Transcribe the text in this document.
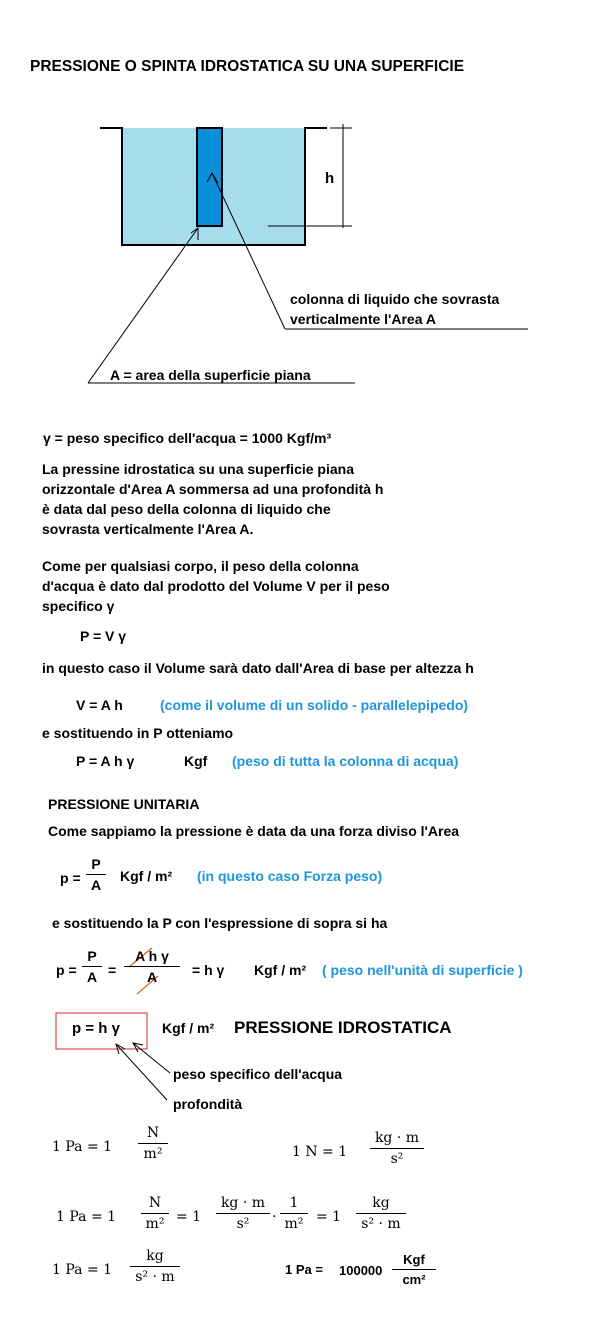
PRESSIONE O SPINTA IDROSTATICA SU UNA SUPERFICIE
h
colonna di liquido che sovrasta
verticalmente l'Area A
A = area della superficie piana
γ = peso specifico dell'acqua = 1000 Kgf/m³
La pressine idrostatica su una superficie piana
orizzontale d'Area A sommersa ad una profondità h
è data dal peso della colonna di liquido che
sovrasta verticalmente l'Area A.
Come per qualsiasi corpo, il peso della colonna
d'acqua è dato dal prodotto del Volume V per il peso
specifico γ
P = V γ
in questo caso il Volume sarà dato dall'Area di base per altezza h
V = A h	(come il volume di un solido - parallelepipedo)
e sostituendo in P otteniamo
P = A h γ	Kgf (peso di tutta la colonna di acqua)
PRESSIONE UNITARIA
Come sappiamo la pressione è data da una forza diviso l'Area
p =
P
A
Kgf / m² (in questo caso Forza peso)
e sostituendo la P con l'espressione di sopra si ha
p =
P
A =
A h γ
A	= h γ Kgf / m² ( peso nell'unità di superficie )
p = h γ	Kgf / m² PRESSIONE IDROSTATICA
peso specifico dell'acqua
profondità
1 Pa = 1
N
m²	1 N = 1
kg · m
s²
1 Pa = 1
N
m² = 1
kg · m
s²	·
1
m² = 1
kg
s² · m
1 Pa = 1
kg
s² · m	1 Pa = 100000
Kgf
cm²
